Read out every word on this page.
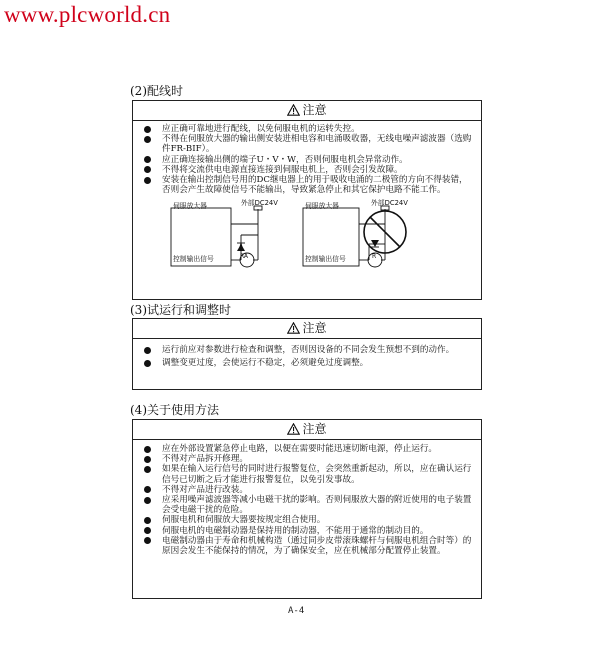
www.plcworld.cn
(2)配线时
注意
应正确可靠地进行配线，以免伺服电机的运转失控。
不得在伺服放大器的输出侧安装进相电容和电涌吸收器，无线电噪声滤波器（选购件FR-BIF）。
应正确连接输出侧的端子U・V・W，否则伺服电机会异常动作。
不得将交流供电电源直接连接到伺服电机上，否则会引发故障。
安装在输出控制信号用的DC继电器上的用于吸收电涌的二极管的方向不得装错，否则会产生故障使信号不能输出，导致紧急停止和其它保护电路不能工作。
伺服放大器	外部DC24V
控制输出信号	RA
伺服放大器	外部DC24V
控制输出信号	R
(3)试运行和调整时
注意
运行前应对参数进行检查和调整，否则因设备的不同会发生预想不到的动作。
调整变更过度，会使运行不稳定，必须避免过度调整。
(4)关于使用方法
注意
应在外部设置紧急停止电路，以便在需要时能迅速切断电源，停止运行。
不得对产品拆开修理。
如果在输入运行信号的同时进行报警复位，会突然重新起动，所以，应在确认运行信号已切断之后才能进行报警复位，以免引发事故。
不得对产品进行改装。
应采用噪声滤波器等减小电磁干扰的影响。否则伺服放大器的附近使用的电子装置会受电磁干扰的危险。
伺服电机和伺服放大器要按规定组合使用。
伺服电机的电磁制动器是保持用的制动器，不能用于通常的制动目的。
电磁制动器由于寿命和机械构造（通过同步皮带滚珠螺杆与伺服电机组合时等）的原因会发生不能保持的情况，为了确保安全，应在机械部分配置停止装置。
A-4
